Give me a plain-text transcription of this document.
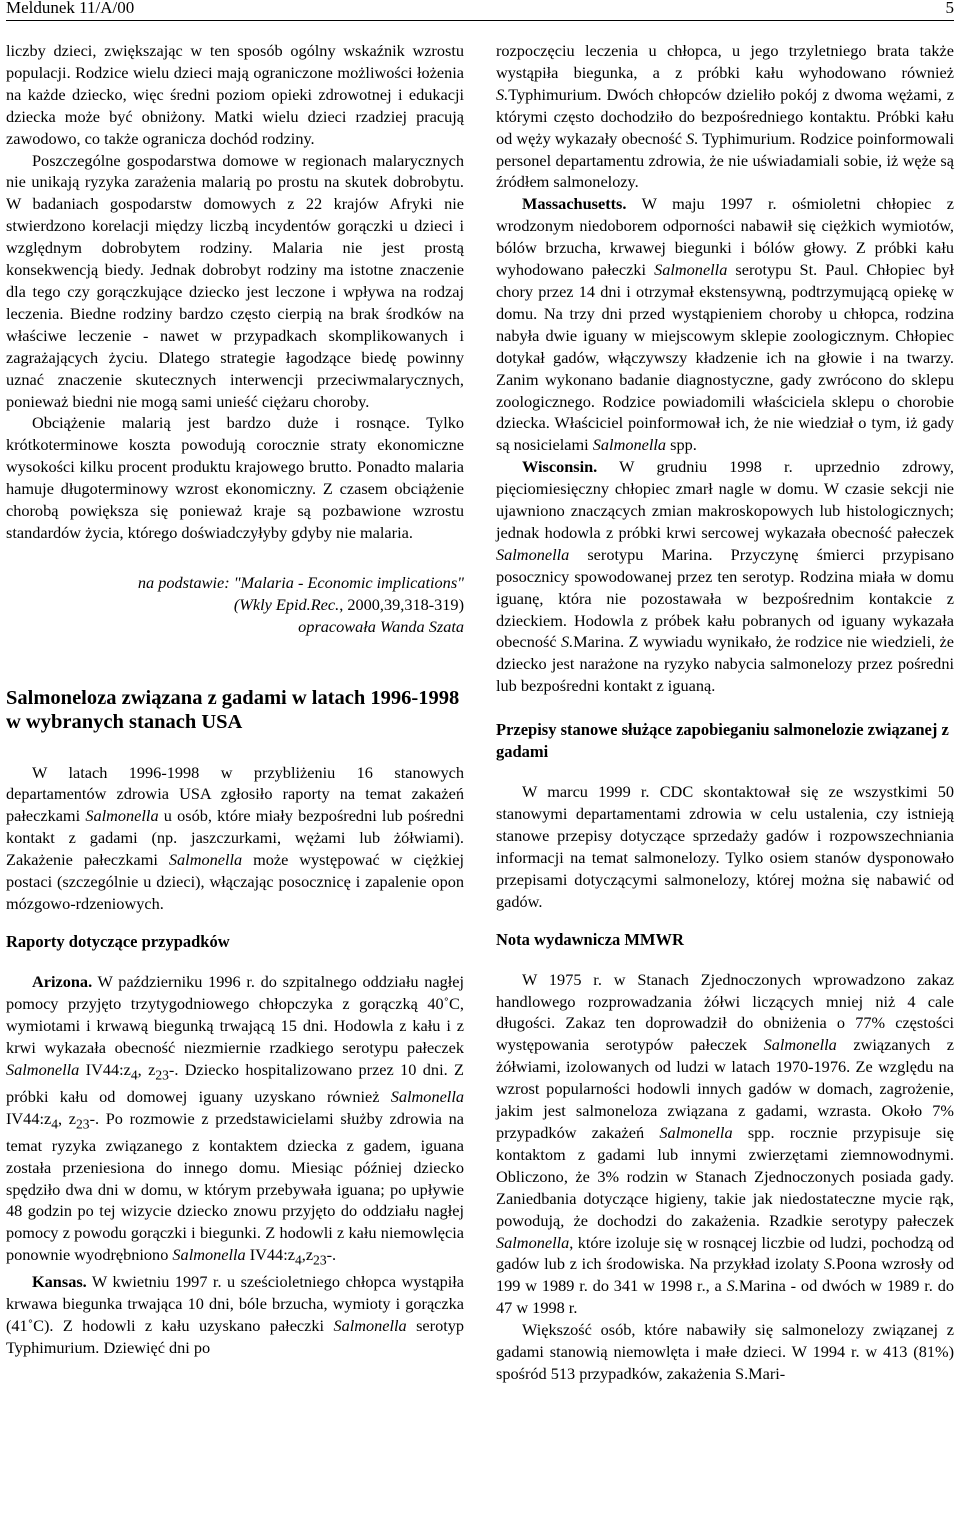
Meldunek 11/A/00	5

liczby dzieci, zwiększając w ten sposób ogólny wskaźnik wzrostu populacji. Rodzice wielu dzieci mają ograniczone możliwości łożenia na każde dziecko, więc średni poziom opieki zdrowotnej i edukacji dziecka może być obniżony. Matki wielu dzieci rzadziej pracują zawodowo, co także ogranicza dochód rodziny.

Poszczególne gospodarstwa domowe w regionach malarycznych nie unikają ryzyka zarażenia malarią po prostu na skutek dobrobytu. W badaniach gospodarstw domowych z 22 krajów Afryki nie stwierdzono korelacji między liczbą incydentów gorączki u dzieci i względnym dobrobytem rodziny. Malaria nie jest prostą konsekwencją biedy. Jednak dobrobyt rodziny ma istotne znaczenie dla tego czy gorączkujące dziecko jest leczone i wpływa na rodzaj leczenia. Biedne rodziny bardzo często cierpią na brak środków na właściwe leczenie - nawet w przypadkach skomplikowanych i zagrażających życiu. Dlatego strategie łagodzące biedę powinny uznać znaczenie skutecznych interwencji przeciwmalarycznych, ponieważ biedni nie mogą sami unieść ciężaru choroby.

Obciążenie malarią jest bardzo duże i rosnące. Tylko krótkoterminowe koszta powodują corocznie straty ekonomiczne wysokości kilku procent produktu krajowego brutto. Ponadto malaria hamuje długoterminowy wzrost ekonomiczny. Z czasem obciążenie chorobą powiększa się ponieważ kraje są pozbawione wzrostu standardów życia, którego doświadczyłyby gdyby nie malaria.

na podstawie: "Malaria - Economic implications"

(Wkly Epid.Rec., 2000,39,318-319)

opracowała Wanda Szata

Salmoneloza związana z gadami w latach 1996-1998 w wybranych stanach USA

W latach 1996-1998 w przybliżeniu 16 stanowych departamentów zdrowia USA zgłosiło raporty na temat zakażeń pałeczkami Salmonella u osób, które miały bezpośredni lub pośredni kontakt z gadami (np. jaszczurkami, wężami lub żółwiami). Zakażenie pałeczkami Salmonella może występować w ciężkiej postaci (szczególnie u dzieci), włączając posocznicę i zapalenie opon mózgowo-rdzeniowych.

Raporty dotyczące przypadków

Arizona. W październiku 1996 r. do szpitalnego oddziału nagłej pomocy przyjęto trzytygodniowego chłopczyka z gorączką 40˚C, wymiotami i krwawą biegunką trwającą 15 dni. Hodowla z kału i z krwi wykazała obecność niezmiernie rzadkiego serotypu pałeczek Salmonella $IV44:z_4$, $z_{23}-$. Dziecko hospitalizowano przez 10 dni. Z próbki kału od domowej iguany uzyskano również Salmonella $IV44:z_4$, $z_{23}-$. Po rozmowie z przedstawicielami służby zdrowia na temat ryzyka związanego z kontaktem dziecka z gadem, iguana została przeniesiona do innego domu. Miesiąc później dziecko spędziło dwa dni w domu, w którym przebywała iguana; po upływie 48 godzin po tej wizycie dziecko znowu przyjęto do oddziału nagłej pomocy z powodu gorączki i biegunki. Z hodowli z kału niemowlęcia ponownie wyodrębniono Salmonella $IV44:z_4,z_{23}-$.

Kansas. W kwietniu 1997 r. u sześcioletniego chłopca wystąpiła krwawa biegunka trwająca 10 dni, bóle brzucha, wymioty i gorączka (41˚C). Z hodowli z kału uzyskano pałeczki Salmonella serotyp Typhimurium. Dziewięć dni po

rozpoczęciu leczenia u chłopca, u jego trzyletniego brata także wystąpiła biegunka, a z próbki kału wyhodowano również S.Typhimurium. Dwóch chłopców dzieliło pokój z dwoma wężami, z którymi często dochodziło do bezpośredniego kontaktu. Próbki kału od węży wykazały obecność S. Typhimurium. Rodzice poinformowali personel departamentu zdrowia, że nie uświadamiali sobie, iż węże są źródłem salmonelozy.

Massachusetts. W maju 1997 r. ośmioletni chłopiec z wrodzonym niedoborem odporności nabawił się ciężkich wymiotów, bólów brzucha, krwawej biegunki i bólów głowy. Z próbki kału wyhodowano pałeczki Salmonella serotypu St. Paul. Chłopiec był chory przez 14 dni i otrzymał ekstensywną, podtrzymującą opiekę w domu. Na trzy dni przed wystąpieniem choroby u chłopca, rodzina nabyła dwie iguany w miejscowym sklepie zoologicznym. Chłopiec dotykał gadów, włączywszy kładzenie ich na głowie i na twarzy. Zanim wykonano badanie diagnostyczne, gady zwrócono do sklepu zoologicznego. Rodzice powiadomili właściciela sklepu o chorobie dziecka. Właściciel poinformował ich, że nie wiedział o tym, iż gady są nosicielami Salmonella spp.

Wisconsin. W grudniu 1998 r. uprzednio zdrowy, pięciomiesięczny chłopiec zmarł nagle w domu. W czasie sekcji nie ujawniono znaczących zmian makroskopowych lub histologicznych; jednak hodowla z próbki krwi sercowej wykazała obecność pałeczek Salmonella serotypu Marina. Przyczynę śmierci przypisano posocznicy spowodowanej przez ten serotyp. Rodzina miała w domu iguanę, która nie pozostawała w bezpośrednim kontakcie z dzieckiem. Hodowla z próbek kału pobranych od iguany wykazała obecność S.Marina. Z wywiadu wynikało, że rodzice nie wiedzieli, że dziecko jest narażone na ryzyko nabycia salmonelozy przez pośredni lub bezpośredni kontakt z iguaną.

Przepisy stanowe służące zapobieganiu salmonelozie związanej z gadami

W marcu 1999 r. CDC skontaktował się ze wszystkimi 50 stanowymi departamentami zdrowia w celu ustalenia, czy istnieją stanowe przepisy dotyczące sprzedaży gadów i rozpowszechniania informacji na temat salmonelozy. Tylko osiem stanów dysponowało przepisami dotyczącymi salmonelozy, której można się nabawić od gadów.

Nota wydawnicza MMWR

W 1975 r. w Stanach Zjednoczonych wprowadzono zakaz handlowego rozprowadzania żółwi liczących mniej niż 4 cale długości. Zakaz ten doprowadził do obniżenia o 77% częstości występowania serotypów pałeczek Salmonella związanych z żółwiami, izolowanych od ludzi w latach 1970-1976. Ze względu na wzrost popularności hodowli innych gadów w domach, zagrożenie, jakim jest salmoneloza związana z gadami, wzrasta. Około 7% przypadków zakażeń Salmonella spp. rocznie przypisuje się kontaktom z gadami lub innymi zwierzętami ziemnowodnymi. Obliczono, że 3% rodzin w Stanach Zjednoczonych posiada gady. Zaniedbania dotyczące higieny, takie jak niedostateczne mycie rąk, powodują, że dochodzi do zakażenia. Rzadkie serotypy pałeczek Salmonella, które izoluje się w rosnącej liczbie od ludzi, pochodzą od gadów lub z ich środowiska. Na przykład izolaty S.Poona wzrosły od 199 w 1989 r. do 341 w 1998 r., a S.Marina - od dwóch w 1989 r. do 47 w 1998 r.

Większość osób, które nabawiły się salmonelozy związanej z gadami stanowią niemowlęta i małe dzieci. W 1994 r. w 413 (81%) spośród 513 przypadków, zakażenia S.Mari-
